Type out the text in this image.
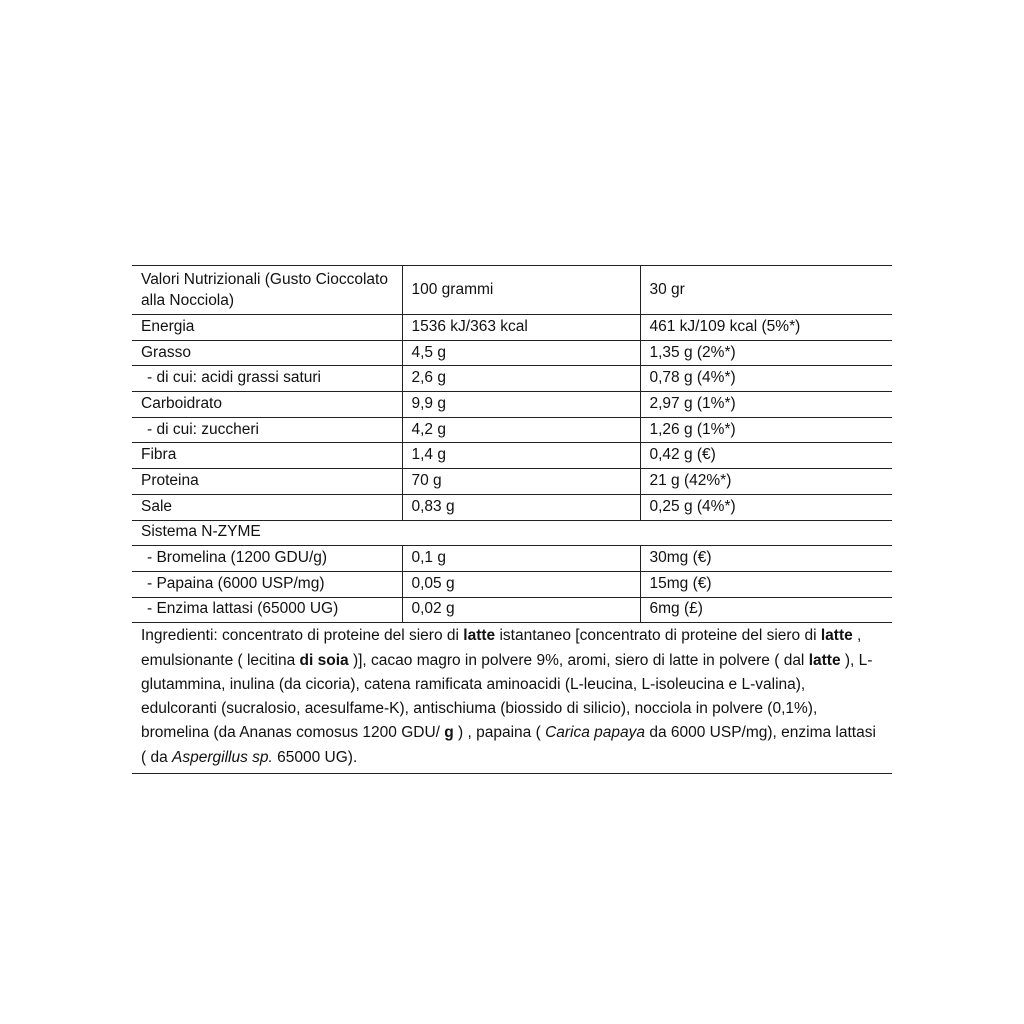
Valori Nutrizionali (Gusto Cioccolato alla Nocciola)	100 grammi	30 gr
Energia	1536 kJ/363 kcal	461 kJ/109 kcal (5%*)
Grasso	4,5 g	1,35 g (2%*)
- di cui: acidi grassi saturi	2,6 g	0,78 g (4%*)
Carboidrato	9,9 g	2,97 g (1%*)
- di cui: zuccheri	4,2 g	1,26 g (1%*)
Fibra	1,4 g	0,42 g (€)
Proteina	70 g	21 g (42%*)
Sale	0,83 g	0,25 g (4%*)
Sistema N-ZYME		
- Bromelina (1200 GDU/g)	0,1 g	30mg (€)
- Papaina (6000 USP/mg)	0,05 g	15mg (€)
- Enzima lattasi (65000 UG)	0,02 g	6mg (£)

Ingredienti: concentrato di proteine del siero di latte istantaneo [concentrato di proteine del siero di latte , emulsionante ( lecitina di soia )], cacao magro in polvere 9%, aromi, siero di latte in polvere ( dal latte ), L-glutammina, inulina (da cicoria), catena ramificata aminoacidi (L-leucina, L-isoleucina e L-valina), edulcoranti (sucralosio, acesulfame-K), antischiuma (biossido di silicio), nocciola in polvere (0,1%), bromelina (da Ananas comosus 1200 GDU/ g ) , papaina ( Carica papaya da 6000 USP/mg), enzima lattasi ( da Aspergillus sp. 65000 UG).		
